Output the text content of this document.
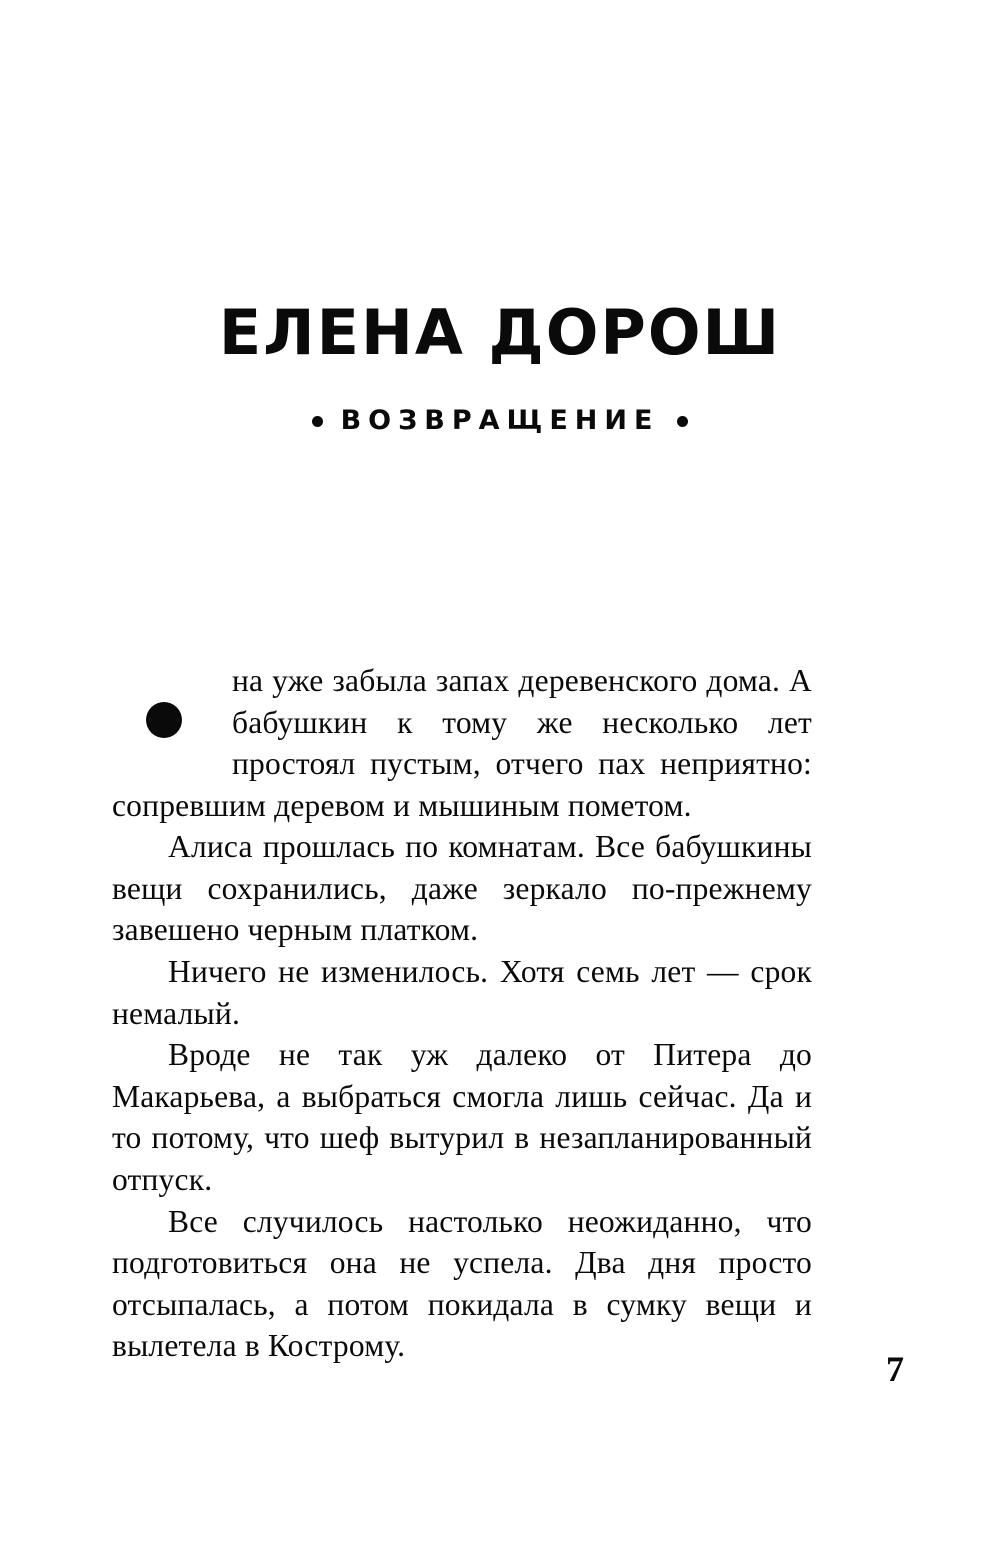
ЕЛЕНА ДОРОШ
ВОЗВРАЩЕНИЕ

на уже забыла запах деревенского дома. А бабушкин к тому же несколько лет простоял пустым, отчего пах неприятно: сопревшим деревом и мышиным пометом.

Алиса прошлась по комнатам. Все бабушкины вещи сохранились, даже зеркало по-прежнему завешено черным платком.

Ничего не изменилось. Хотя семь лет — срок немалый.

Вроде не так уж далеко от Питера до Макарьева, а выбраться смогла лишь сейчас. Да и то потому, что шеф вытурил в незапланированный отпуск.

Все случилось настолько неожиданно, что подготовиться она не успела. Два дня просто отсыпалась, а потом покидала в сумку вещи и вылетела в Кострому.

7
